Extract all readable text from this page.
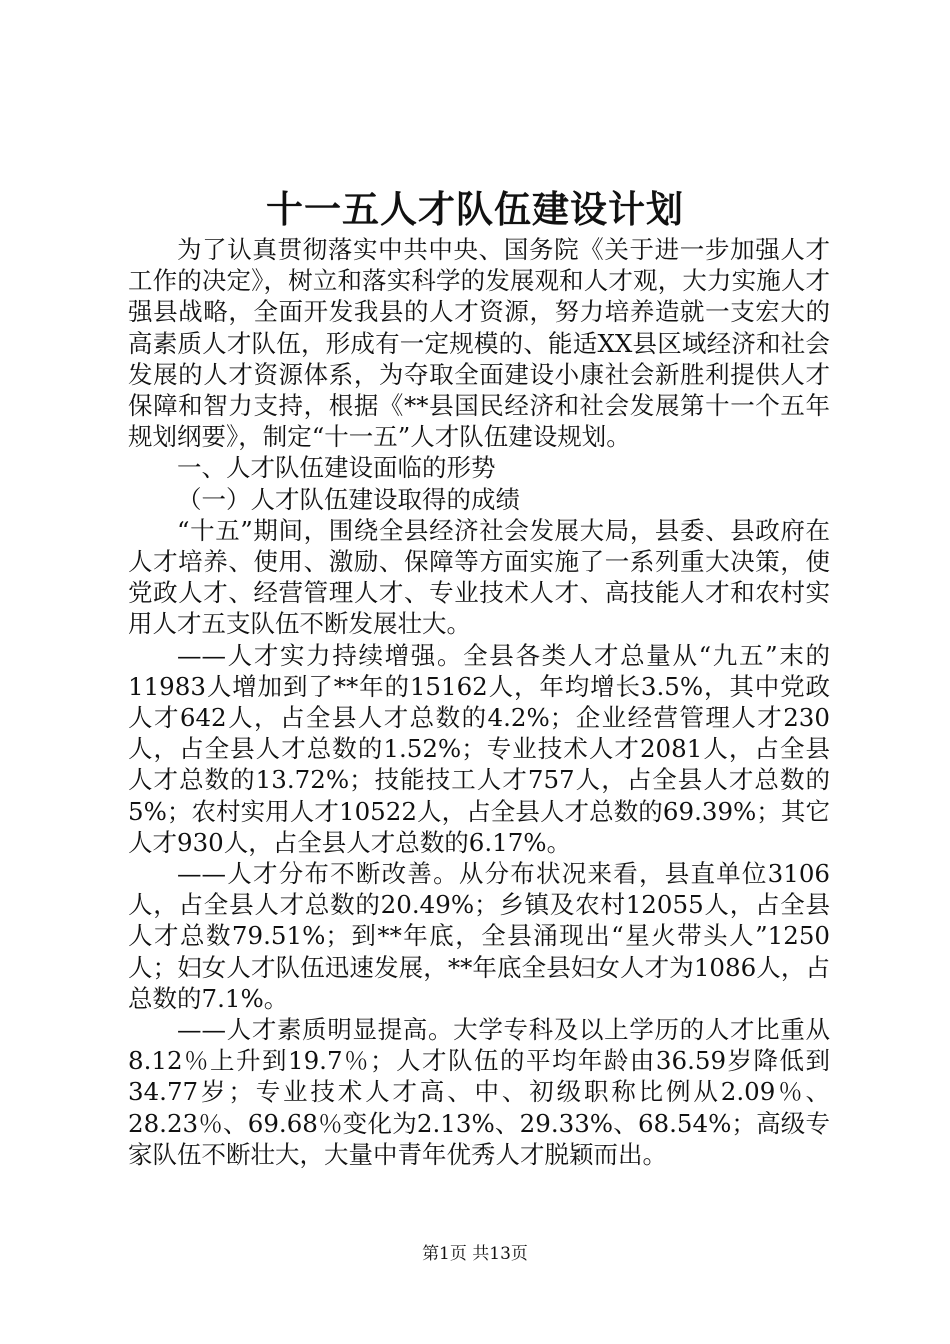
十一五人才队伍建设计划

为了认真贯彻落实中共中央、国务院《关于进一步加强人才工作的决定》，树立和落实科学的发展观和人才观，大力实施人才强县战略，全面开发我县的人才资源，努力培养造就一支宏大的高素质人才队伍，形成有一定规模的、能适XX县区域经济和社会发展的人才资源体系，为夺取全面建设小康社会新胜利提供人才保障和智力支持，根据《**县国民经济和社会发展第十一个五年规划纲要》，制定“十一五”人才队伍建设规划。

一、人才队伍建设面临的形势

（一）人才队伍建设取得的成绩

“十五”期间，围绕全县经济社会发展大局，县委、县政府在人才培养、使用、激励、保障等方面实施了一系列重大决策，使党政人才、经营管理人才、专业技术人才、高技能人才和农村实用人才五支队伍不断发展壮大。

——人才实力持续增强。全县各类人才总量从“九五”末的11983人增加到了**年的15162人，年均增长3.5%，其中党政人才642人，占全县人才总数的4.2%；企业经营管理人才230人，占全县人才总数的1.52%；专业技术人才2081人，占全县人才总数的13.72%；技能技工人才757人，占全县人才总数的5%；农村实用人才10522人，占全县人才总数的69.39%；其它人才930人，占全县人才总数的6.17%。

——人才分布不断改善。从分布状况来看，县直单位3106人，占全县人才总数的20.49%；乡镇及农村12055人，占全县人才总数79.51%；到**年底，全县涌现出“星火带头人”1250人；妇女人才队伍迅速发展，**年底全县妇女人才为1086人，占总数的7.1%。

——人才素质明显提高。大学专科及以上学历的人才比重从8.12％上升到19.7％；人才队伍的平均年龄由36.59岁降低到34.77岁；专业技术人才高、中、初级职称比例从2.09％、28.23％、69.68％变化为2.13%、29.33%、68.54%；高级专家队伍不断壮大，大量中青年优秀人才脱颖而出。

第1页 共13页
